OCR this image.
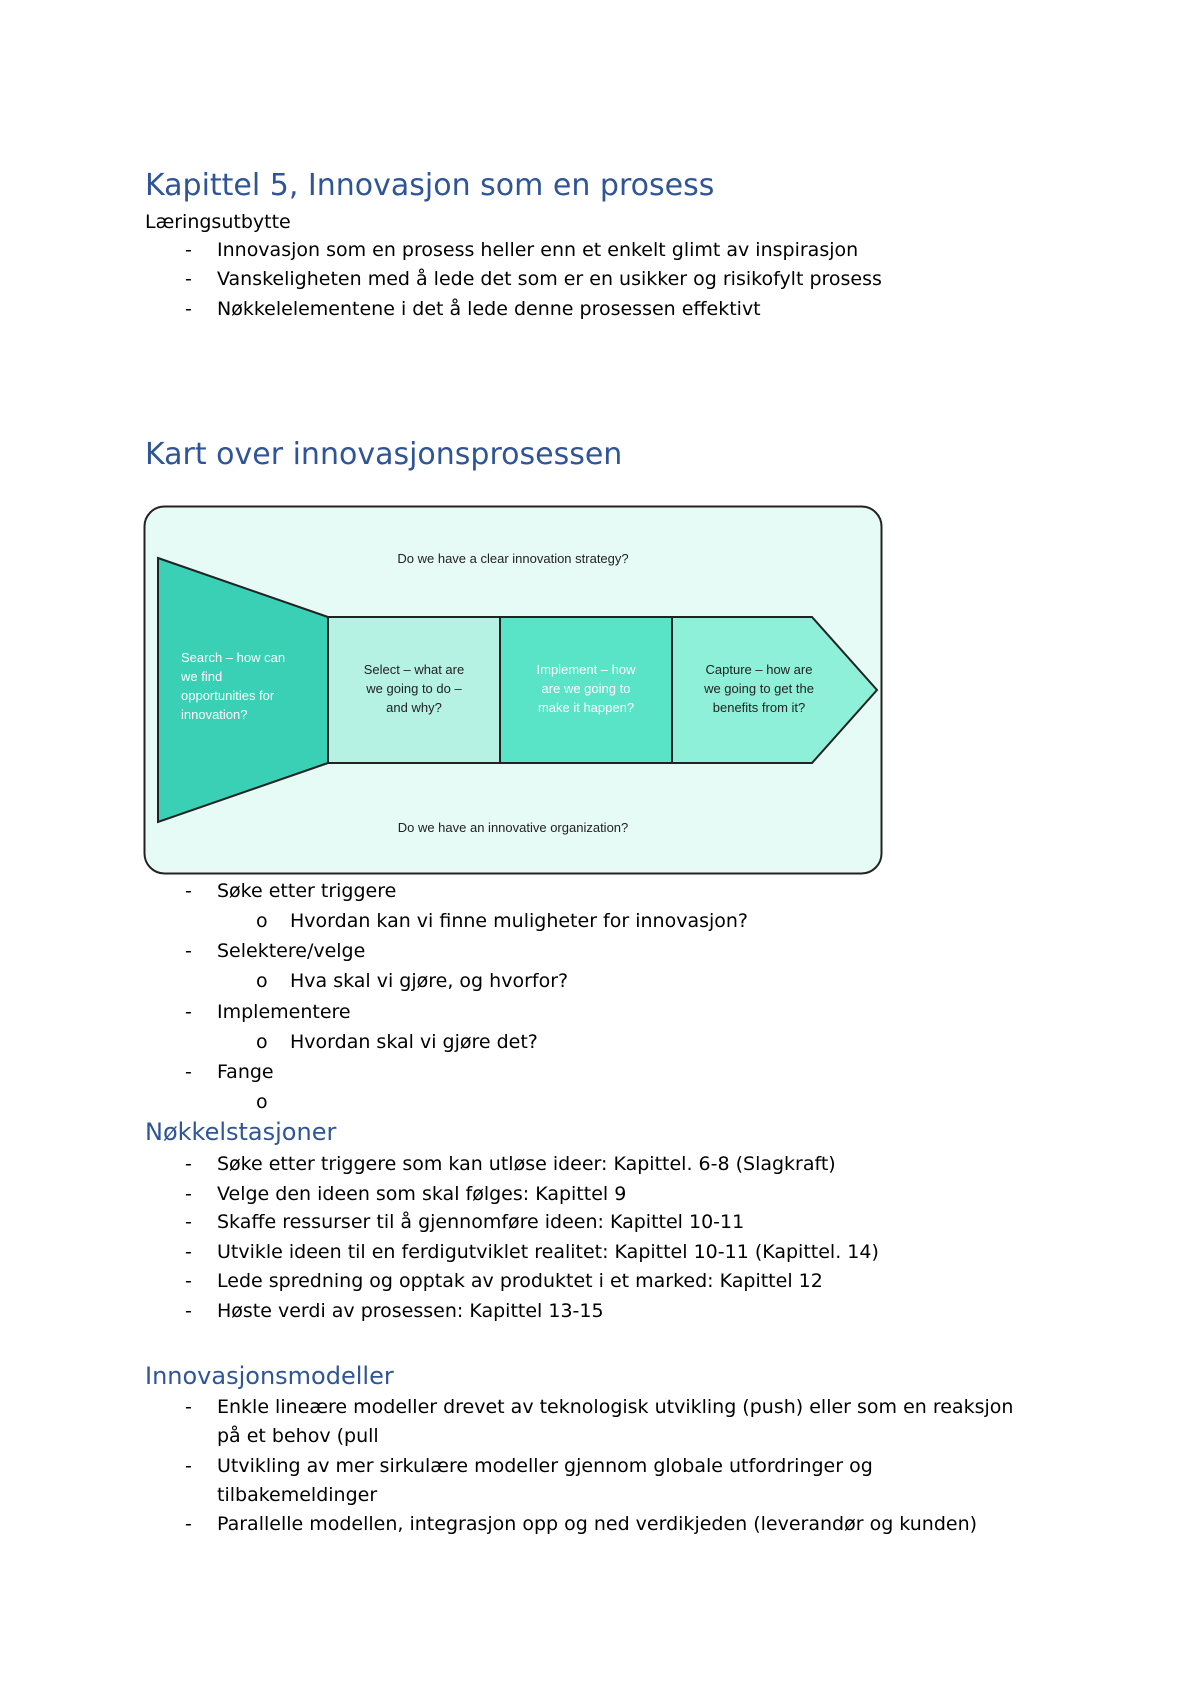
Kapittel 5, Innovasjon som en prosess
Læringsutbytte
- Innovasjon som en prosess heller enn et enkelt glimt av inspirasjon
- Vanskeligheten med å lede det som er en usikker og risikofylt prosess
- Nøkkelelementene i det å lede denne prosessen effektivt
Kart over innovasjonsprosessen
Do we have a clear innovation strategy?
Search – how can
we find
opportunities for
innovation?
Select – what are
we going to do –
and why?
Implement – how
are we going to
make it happen?
Capture – how are
we going to get the
benefits from it?
Do we have an innovative organization?
- Søke etter triggere
o Hvordan kan vi finne muligheter for innovasjon?
- Selektere/velge
o Hva skal vi gjøre, og hvorfor?
- Implementere
o Hvordan skal vi gjøre det?
- Fange
Nøkkelstasjoner
- Søke etter triggere som kan utløse ideer: Kapittel. 6-8 (Slagkraft)
- Velge den ideen som skal følges: Kapittel 9
- Skaffe ressurser til å gjennomføre ideen: Kapittel 10-11
- Utvikle ideen til en ferdigutviklet realitet: Kapittel 10-11 (Kapittel. 14)
- Lede spredning og opptak av produktet i et marked: Kapittel 12
- Høste verdi av prosessen: Kapittel 13-15
Innovasjonsmodeller
- Enkle lineære modeller drevet av teknologisk utvikling (push) eller som en reaksjon
på et behov (pull
- Utvikling av mer sirkulære modeller gjennom globale utfordringer og
tilbakemeldinger
- Parallelle modellen, integrasjon opp og ned verdikjeden (leverandør og kunden)
